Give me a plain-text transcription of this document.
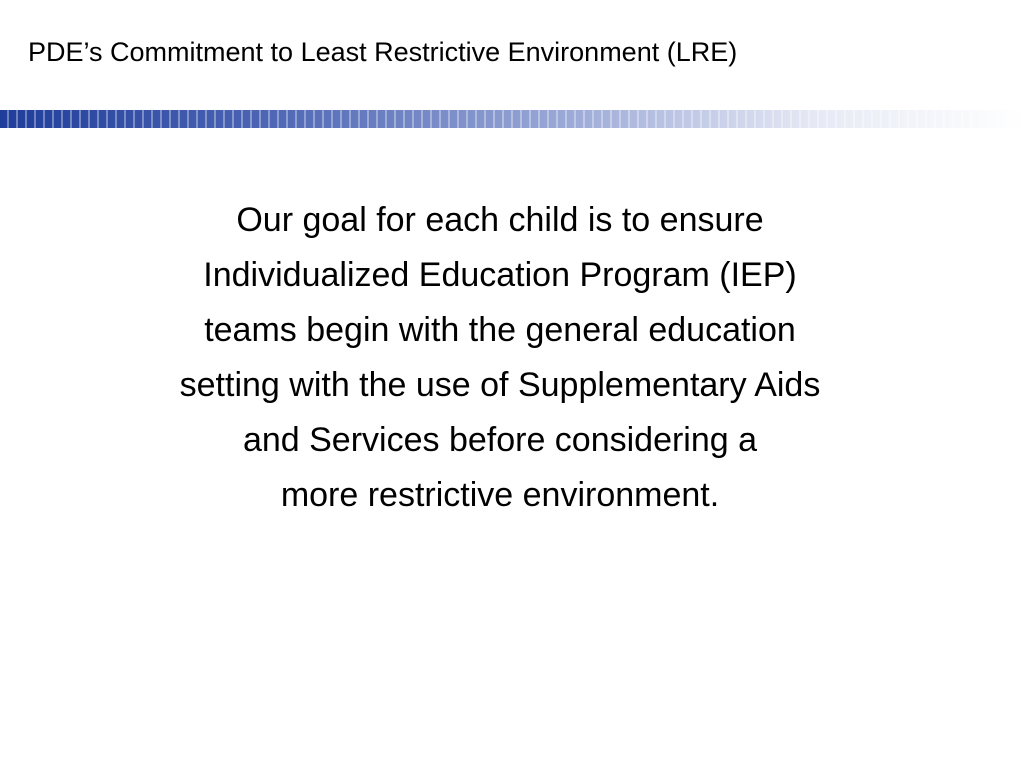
PDE’s Commitment to Least Restrictive Environment (LRE)
Our goal for each child is to ensure
Individualized Education Program (IEP)
teams begin with the general education
setting with the use of Supplementary Aids
and Services before considering a
more restrictive environment.
